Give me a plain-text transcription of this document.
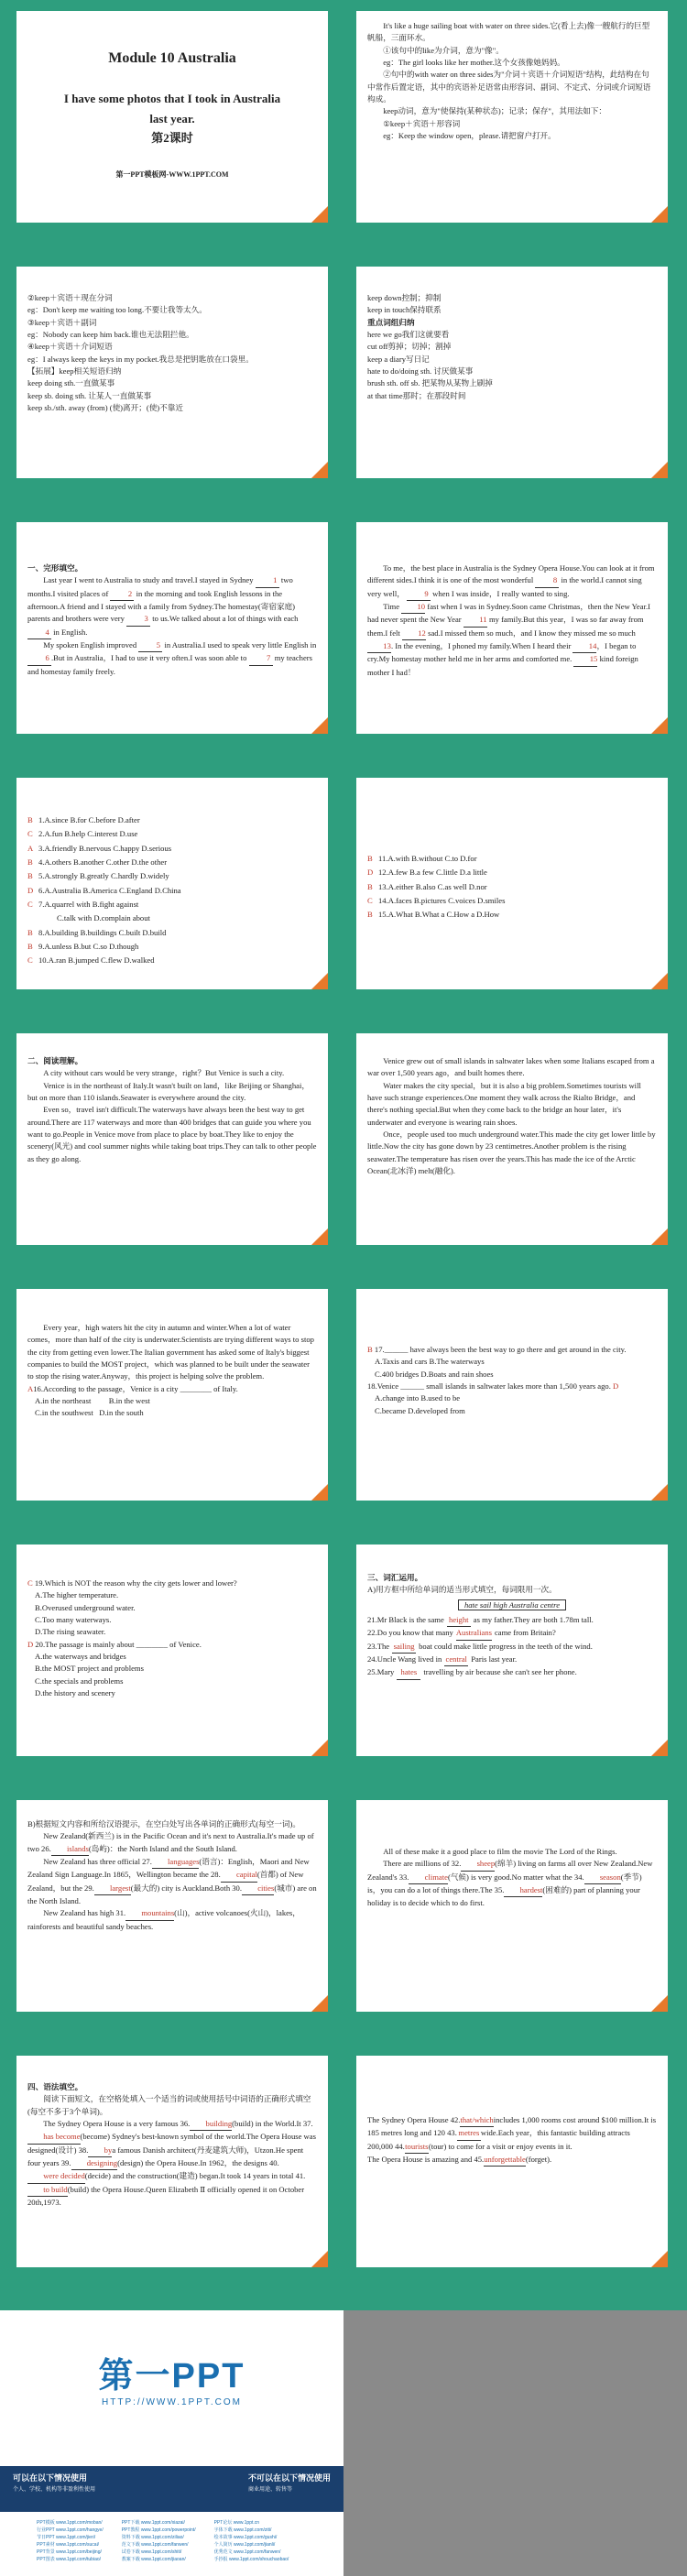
Module 10 Australia
I have some photos that I took in Australia
last year.
第2课时
第一PPT模板网-WWW.1PPT.COM

It's like a huge sailing boat with water on three sides.它(看上去)像一艘航行的巨型帆船，三面环水。

①该句中的like为介词，意为"像"。

eg：The girl looks like her mother.这个女孩像她妈妈。

②句中的with water on three sides为"介词＋宾语＋介词短语"结构，此结构在句中常作后置定语，其中的宾语补足语常由形容词、副词、不定式、分词或介词短语构成。

keep动词，意为"使保持(某种状态)；记录；保存"，其用法如下：

①keep＋宾语＋形容词

eg：Keep the window open，please.请把窗户打开。

②keep＋宾语＋现在分词

eg：Don't keep me waiting too long.不要让我等太久。

③keep＋宾语＋副词

eg：Nobody can keep him back.谁也无法阻拦他。

④keep＋宾语＋介词短语

eg：I always keep the keys in my pocket.我总是把钥匙放在口袋里。

【拓展】keep相关短语归纳

keep doing sth.一直做某事

keep sb. doing sth. 让某人一直做某事

keep sb./sth. away (from) (使)离开；(使)不靠近

keep down控制；抑制

keep in touch保持联系

重点词组归纳

here we go我们这就要看

cut off剪掉；切掉；割掉

keep a diary写日记

hate to do/doing sth. 讨厌做某事

brush sth. off sb. 把某物从某物上刷掉

at that time那时；在那段时间

一、完形填空。

Last year I went to Australia to study and travel.I stayed in Sydney	1 two months.I visited places of	2 in the morning and took English lessons in the afternoon.A friend and I stayed with a family from Sydney.The homestay(寄宿家庭) parents and brothers were very	3 to us.We talked about a lot of things with each 4 in English.

My spoken English improved	5 in Australia.I used to speak very little English in 6 .But in Australia，I had to use it very often.I was soon able to	7 my teachers and homestay family freely.

To me，the best place in Australia is the Sydney Opera House.You can look at it from different sides.I think it is one of the most wonderful	8 in the world.I cannot sing very well，	9 when I was inside，I really wanted to sing.

Time 10 fast when I was in Sydney.Soon came Christmas，then the New Year.I had never spent the New Year 11 my family.But this year，I was so far away from them.I felt 12 sad.I missed them so much，and I know they missed me so much 13. In the evening，I phoned my family.When I heard their 14，I began to cry.My homestay mother held me in her arms and comforted me. 15 kind foreign mother I had！

B 1.A.since B.for C.before D.after

C 2.A.fun B.help C.interest D.use

A 3.A.friendly B.nervous C.happy D.serious

B 4.A.others B.another C.other D.the other

B 5.A.strongly B.greatly C.hardly D.widely

D 6.A.Australia B.America C.England D.China

C 7.A.quarrel with B.fight against

C.talk with D.complain about

B 8.A.building B.buildings C.built D.build

B 9.A.unless B.but C.so D.though

C 10.A.ran B.jumped C.flew D.walked

B 11.A.with B.without C.to D.for

D 12.A.few B.a few C.little D.a little

B 13.A.either B.also C.as well D.nor

C 14.A.faces B.pictures C.voices D.smiles

B 15.A.What B.What a C.How a D.How

二、阅读理解。

A city without cars would be very strange，right？But Venice is such a city.

Venice is in the northeast of Italy.It wasn't built on land，like Beijing or Shanghai，but on more than 110 islands.Seawater is everywhere around the city.

Even so，travel isn't difficult.The waterways have always been the best way to get around.There are 117 waterways and more than 400 bridges that can guide you where you want to go.People in Venice move from place to place by boat.They like to enjoy the scenery(风光) and cool summer nights while taking boat trips.They can talk to other people as they go along.

Venice grew out of small islands in saltwater lakes when some Italians escaped from a war over 1,500 years ago，and built homes there.

Water makes the city special，but it is also a big problem.Sometimes tourists will have such strange experiences.One moment they walk across the Rialto Bridge，and there's nothing special.But when they come back to the bridge an hour later，it's underwater and everyone is wearing rain shoes.

Once，people used too much underground water.This made the city get lower little by little.Now the city has gone down by 23 centimetres.Another problem is the rising seawater.The temperature has risen over the years.This has made the ice of the Arctic Ocean(北冰洋) melt(融化).

Every year，high waters hit the city in autumn and winter.When a lot of water comes，more than half of the city is underwater.Scientists are trying different ways to stop the city from getting even lower.The Italian government has asked some of Italy's biggest companies to build the MOST project，which was planned to be built under the seawater to stop the rising water.Anyway，this project is helping solve the problem.

A16.According to the passage，Venice is a city ________ of Italy.

A.in the northeast B.in the west

C.in the southwest D.in the south

B 17.______ have always been the best way to go there and get around in the city.

A.Taxis and cars B.The waterways

C.400 bridges D.Boats and rain shoes

18.Venice ______ small islands in saltwater lakes more than 1,500 years ago. D

A.change into B.used to be

C.became D.developed from

C 19.Which is NOT the reason why the city gets lower and lower?

A.The higher temperature.

B.Overused underground water.

C.Too many waterways.

D.The rising seawater.

D 20.The passage is mainly about ________ of Venice.

A.the waterways and bridges

B.the MOST project and problems

C.the specials and problems

D.the history and scenery

三、词汇运用。

A)用方框中所给单词的适当形式填空，每词限用一次。

hate sail high Australia centre

21.Mr Black is the same height as my father.They are both 1.78m tall.

22.Do you know that many Australians came from Britain?

23.The sailing boat could make little progress in the teeth of the wind.

24.Uncle Wang lived in central Paris last year.

25.Mary hates travelling by air because she can't see her phone.

B)根据短文内容和所给汉语提示，在空白处写出各单词的正确形式(每空一词)。

New Zealand(新西兰) is in the Pacific Ocean and it's next to Australia.It's made up of two 26. islands(岛屿)：the North Island and the South Island.

New Zealand has three official 27. languages(语言)：English，Maori and New Zealand Sign Language.In 1865，Wellington became the 28. capital(首都) of New Zealand，but the 29. largest(最大的) city is Auckland.Both 30. cities(城市) are on the North Island.

New Zealand has high 31. mountains(山)，active volcanoes(火山)，lakes，rainforests and beautiful sandy beaches.

All of these make it a good place to film the movie The Lord of the Rings.

There are millions of 32. sheep(绵羊) living on farms all over New Zealand.New Zealand's 33. climate(气候) is very good.No matter what the 34. season(季节) is，you can do a lot of things there.The 35. hardest(困难的) part of planning your holiday is to decide which to do first.

四、语法填空。

阅读下面短文，在空格处填入一个适当的词或使用括号中词语的正确形式填空(每空不多于3个单词)。

The Sydney Opera House is a very famous 36. building(build) in the World.It 37.has become(become) Sydney's best-known symbol of the world.The Opera House was designed(设计) 38. bya famous Danish architect(丹麦建筑大师)，Utzon.He spent four years 39. designing(design) the Opera House.In 1962，the designs 40.were decided(decide) and the construction(建造) began.It took 14 years in total 41.to build(build) the Opera House.Queen Elizabeth Ⅱ officially opened it on October 20th,1973.

The Sydney Opera House 42.that/whichincludes 1,000 rooms cost around $100 million.It is 185 metres long and 120 43. metres wide.Each year，this fantastic building attracts 200,000 44.tourists(tour) to come for a visit or enjoy events in it.

The Opera House is amazing and 45.unforgettable(forget).

第一PPT
HTTP://WWW.1PPT.COM
可以在以下情况使用
个人、学校、机构等非盈利性使用
不可以在以下情况使用
商业用途、转售等
PPT模板 www.1ppt.com/moban/
行业PPT www.1ppt.com/hangye/
节日PPT www.1ppt.com/jieri/
PPT素材 www.1ppt.com/sucai/
PPT背景 www.1ppt.com/beijing/
PPT图表 www.1ppt.com/tubiao/
PPT下载 www.1ppt.com/xiazai/
PPT教程 www.1ppt.com/powerpoint/
资料下载 www.1ppt.com/ziliao/
范文下载 www.1ppt.com/fanwen/
试卷下载 www.1ppt.com/shiti/
教案下载 www.1ppt.com/jiaoan/
PPT论坛 www.1ppt.cn
字体下载 www.1ppt.com/ziti/
绘本故事 www.1ppt.com/gushi/
个人简历 www.1ppt.com/jianli/
优秀范文 www.1ppt.com/fanwen/
手抄报 www.1ppt.com/shouchaobao/
